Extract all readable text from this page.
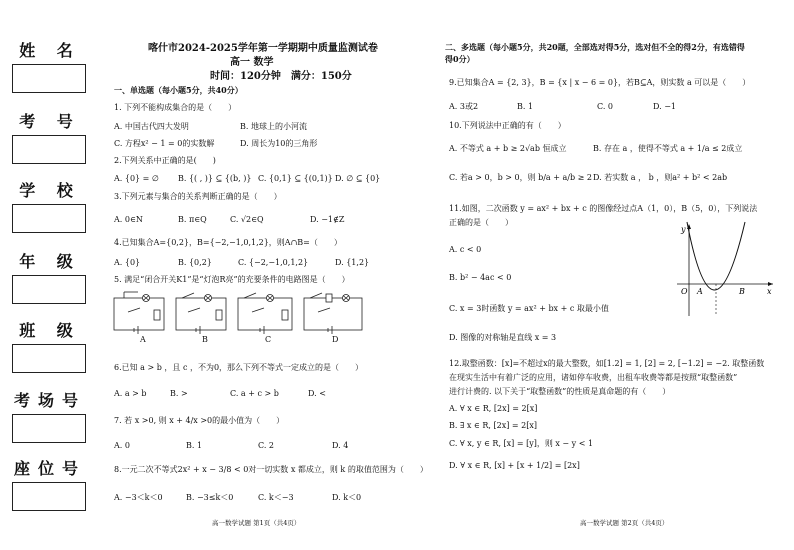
姓 名
考 号
学 校
年 级
班 级
考场号
座位号
喀什市2024-2025学年第一学期期中质量监测试卷
高一 数学
时间：120分钟　满分：150分
一、单选题（每小题5分，共40分）
1. 下列不能构成集合的是（　　）
A. 中国古代四大发明	B. 地球上的小河流
C. 方程x² − 1 = 0的实数解	D. 周长为10的三角形
2.下列关系中正确的是(　　)
A. {0} = ∅ B. {( , )} ⊆ {(b, )} C. {0,1} ⊆ {(0,1)} D. ∅ ⊆ {0}
3.下列元素与集合的关系判断正确的是（　　）
A. 0∈N	B. π∈Q	C. √2∈Q	D. −1∉Z
4.已知集合A={0,2}，B={−2,−1,0,1,2}，则A∩B=（　　）
A. {0}	B. {0,2}	C. {−2,−1,0,1,2}	D. {1,2}
5. 满足“闭合开关K1”是“灯泡R亮”的充要条件的电路图是（　　）
A	B	C	D
6.已知 a > b ，且 c ，不为0，那么下列不等式一定成立的是（　　）
A. a > b	B. >	C. a + c > b	D. <
7. 若 x >0, 则 x + 4/x >0的最小值为（　　）
A. 0	B. 1	C. 2	D. 4
8.一元二次不等式2x² + x − 3/8 < 0对一切实数 x 都成立，则 k 的取值范围为（　　）
A. −3＜k＜0	B. −3≤k＜0	C. k＜−3	D. k＜0
高一数学试题 第1页（共4页）
二、多选题（每小题5分，共20题，全部选对得5分，选对但不全的得2分，有选错得
得0分）
9.已知集合A = {2, 3}，B = {x | x − 6 = 0}，若B⊆A，则实数 a 可以是（　　）
A. 3或2	B. 1	C. 0	D. −1
10.下列说法中正确的有（　　）
A. 不等式 a + b ≥ 2√ab 恒成立	B. 存在 a ，使得不等式 a + 1/a ≤ 2成立
C. 若a > 0，b > 0，则 b/a + a/b ≥ 2 D. 若实数 a ， b ，则a² + b² < 2ab
11.如图，二次函数 y = ax² + bx + c 的图像经过点A（1，0），B（5，0），下列说法
正确的是（　　）
A. c < 0
B. b² − 4ac < 0
C. x = 3时函数 y = ax² + bx + c 取最小值
D. 图像的对称轴是直线 x = 3
y
x
O A	B
12.取整函数：[x]=不超过x的最大整数，如[1.2] = 1, [2] = 2, [−1.2] = −2. 取整函数
在现实生活中有着广泛的应用，诸如停车收费，出租车收费等都是按照“取整函数”
进行计费的. 以下关于“取整函数”的性质是真命题的有（　　）
A. ∀ x ∈ R, [2x] = 2[x]
B. ∃ x ∈ R, [2x] = 2[x]
C. ∀ x, y ∈ R, [x] = [y]，则 x − y < 1
D. ∀ x ∈ R, [x] + [x + 1/2] = [2x]
高一数学试题 第2页（共4页）
